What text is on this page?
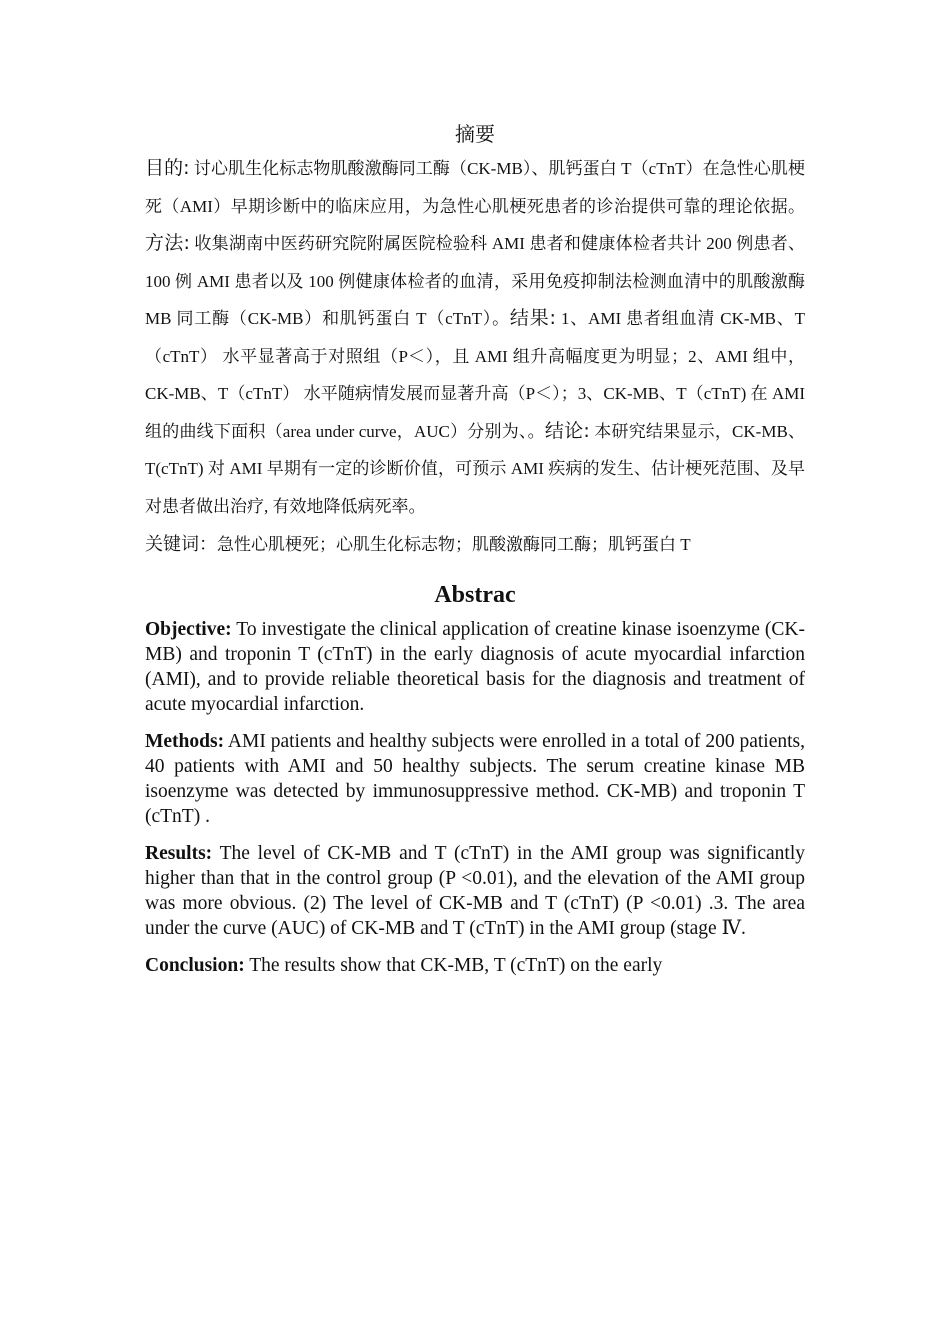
摘要

目的: 讨心肌生化标志物肌酸激酶同工酶（CK-MB）、肌钙蛋白 T（cTnT）在急性心肌梗死（AMI）早期诊断中的临床应用，为急性心肌梗死患者的诊治提供可靠的理论依据。方法: 收集湖南中医药研究院附属医院检验科 AMI 患者和健康体检者共计 200 例患者、100 例 AMI 患者以及 100 例健康体检者的血清，采用免疫抑制法检测血清中的肌酸激酶 MB 同工酶（CK-MB）和肌钙蛋白 T（cTnT）。结果: 1、AMI 患者组血清 CK-MB、T（cTnT） 水平显著高于对照组（P＜），且 AMI 组升高幅度更为明显；2、AMI 组中，CK-MB、T（cTnT） 水平随病情发展而显著升高（P＜）；3、CK-MB、T（cTnT) 在 AMI 组的曲线下面积（area under curve，AUC）分别为、。结论: 本研究结果显示，CK-MB、T(cTnT) 对 AMI 早期有一定的诊断价值，可预示 AMI 疾病的发生、估计梗死范围、及早对患者做出治疗, 有效地降低病死率。

关键词：急性心肌梗死；心肌生化标志物；肌酸激酶同工酶；肌钙蛋白 T

Abstrac

Objective: To investigate the clinical application of creatine kinase isoenzyme (CK-MB) and troponin T (cTnT) in the early diagnosis of acute myocardial infarction (AMI), and to provide reliable theoretical basis for the diagnosis and treatment of acute myocardial infarction.

Methods: AMI patients and healthy subjects were enrolled in a total of 200 patients, 40 patients with AMI and 50 healthy subjects. The serum creatine kinase MB isoenzyme was detected by immunosuppressive method. CK-MB) and troponin T (cTnT) .

Results: The level of CK-MB and T (cTnT) in the AMI group was significantly higher than that in the control group (P <0.01), and the elevation of the AMI group was more obvious. (2) The level of CK-MB and T (cTnT) (P <0.01) .3. The area under the curve (AUC) of CK-MB and T (cTnT) in the AMI group (stage Ⅳ.

Conclusion: The results show that CK-MB, T (cTnT) on the early
